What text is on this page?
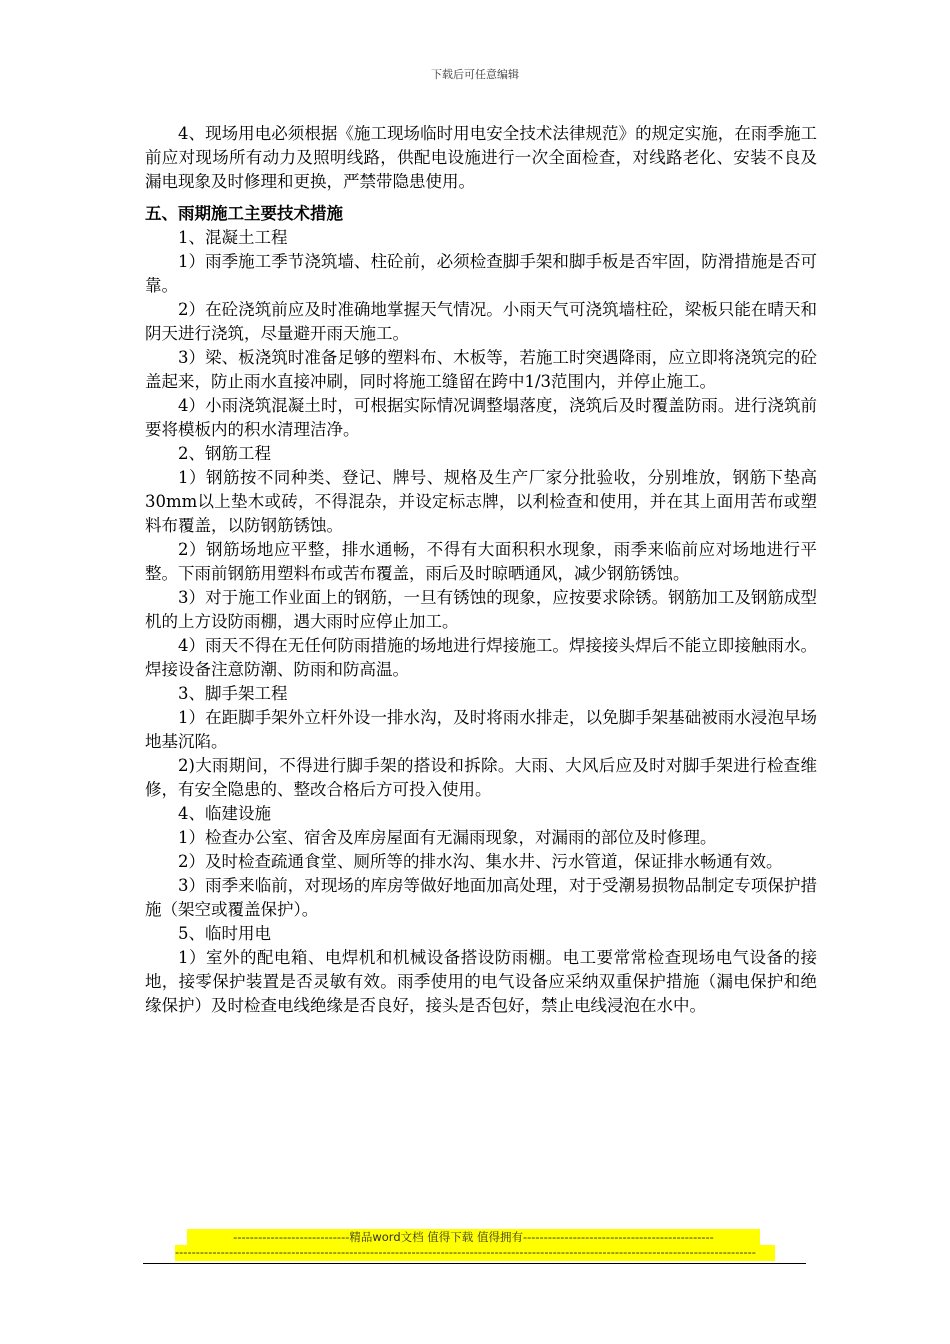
下载后可任意编辑

4、现场用电必须根据《施工现场临时用电安全技术法律规范》的规定实施，在雨季施工前应对现场所有动力及照明线路，供配电设施进行一次全面检查，对线路老化、安装不良及漏电现象及时修理和更换，严禁带隐患使用。

五、雨期施工主要技术措施

1、混凝土工程

1）雨季施工季节浇筑墙、柱砼前，必须检查脚手架和脚手板是否牢固，防滑措施是否可靠。

2）在砼浇筑前应及时准确地掌握天气情况。小雨天气可浇筑墙柱砼，梁板只能在晴天和阴天进行浇筑，尽量避开雨天施工。

3）梁、板浇筑时准备足够的塑料布、木板等，若施工时突遇降雨，应立即将浇筑完的砼盖起来，防止雨水直接冲刷，同时将施工缝留在跨中1/3范围内，并停止施工。

4）小雨浇筑混凝土时，可根据实际情况调整塌落度，浇筑后及时覆盖防雨。进行浇筑前要将模板内的积水清理洁净。

2、钢筋工程

1）钢筋按不同种类、登记、牌号、规格及生产厂家分批验收，分别堆放，钢筋下垫高30mm以上垫木或砖，不得混杂，并设定标志牌，以利检查和使用，并在其上面用苦布或塑料布覆盖，以防钢筋锈蚀。

2）钢筋场地应平整，排水通畅，不得有大面积积水现象，雨季来临前应对场地进行平整。下雨前钢筋用塑料布或苦布覆盖，雨后及时晾晒通风，减少钢筋锈蚀。

3）对于施工作业面上的钢筋，一旦有锈蚀的现象，应按要求除锈。钢筋加工及钢筋成型机的上方设防雨棚，遇大雨时应停止加工。

4）雨天不得在无任何防雨措施的场地进行焊接施工。焊接接头焊后不能立即接触雨水。焊接设备注意防潮、防雨和防高温。

3、脚手架工程

1）在距脚手架外立杆外设一排水沟，及时将雨水排走，以免脚手架基础被雨水浸泡早场地基沉陷。

2)大雨期间，不得进行脚手架的搭设和拆除。大雨、大风后应及时对脚手架进行检查维修，有安全隐患的、整改合格后方可投入使用。

4、临建设施

1）检查办公室、宿舍及库房屋面有无漏雨现象，对漏雨的部位及时修理。

2）及时检查疏通食堂、厕所等的排水沟、集水井、污水管道，保证排水畅通有效。

3）雨季来临前，对现场的库房等做好地面加高处理，对于受潮易损物品制定专项保护措施（架空或覆盖保护）。

5、临时用电

1）室外的配电箱、电焊机和机械设备搭设防雨棚。电工要常常检查现场电气设备的接地，接零保护装置是否灵敏有效。雨季使用的电气设备应采纳双重保护措施（漏电保护和绝缘保护）及时检查电线绝缘是否良好，接头是否包好，禁止电线浸泡在水中。

----------------------------精品word文档 值得下载 值得拥有----------------------------------------------
--------------------------------------------------------------------------------------------------------------------------------------------
